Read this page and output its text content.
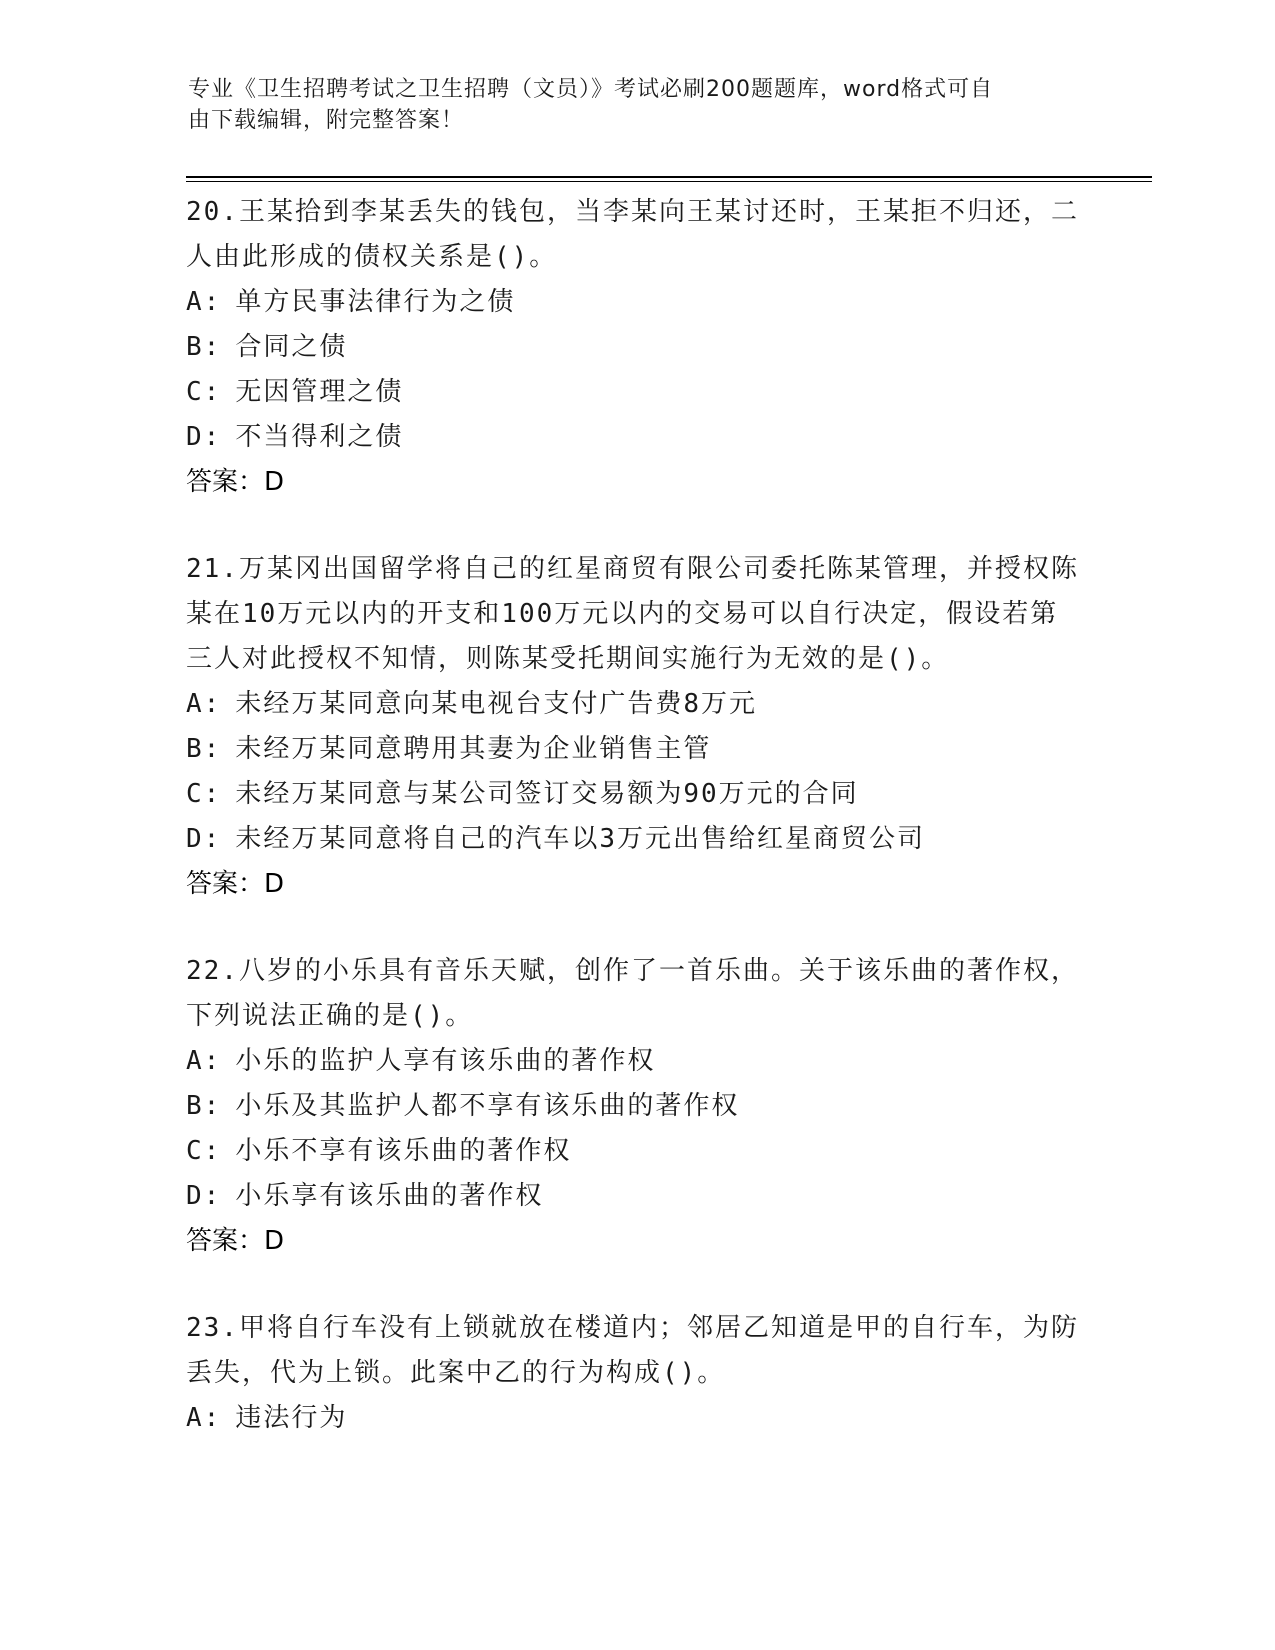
专业《卫生招聘考试之卫生招聘（文员）》考试必刷200题题库，word格式可自
由下载编辑，附完整答案！

20.王某拾到李某丢失的钱包，当李某向王某讨还时，王某拒不归还，二人由此形成的债权关系是()。

A: 单方民事法律行为之债
B: 合同之债
C: 无因管理之债
D: 不当得利之债
答案：D

21.万某冈出国留学将自己的红星商贸有限公司委托陈某管理，并授权陈某在10万元以内的开支和100万元以内的交易可以自行决定，假设若第三人对此授权不知情，则陈某受托期间实施行为无效的是()。

A: 未经万某同意向某电视台支付广告费8万元
B: 未经万某同意聘用其妻为企业销售主管
C: 未经万某同意与某公司签订交易额为90万元的合同
D: 未经万某同意将自己的汽车以3万元出售给红星商贸公司
答案：D

22.八岁的小乐具有音乐天赋，创作了一首乐曲。关于该乐曲的著作权，下列说法正确的是()。

A: 小乐的监护人享有该乐曲的著作权
B: 小乐及其监护人都不享有该乐曲的著作权
C: 小乐不享有该乐曲的著作权
D: 小乐享有该乐曲的著作权
答案：D

23.甲将自行车没有上锁就放在楼道内；邻居乙知道是甲的自行车，为防丢失，代为上锁。此案中乙的行为构成()。

A: 违法行为
